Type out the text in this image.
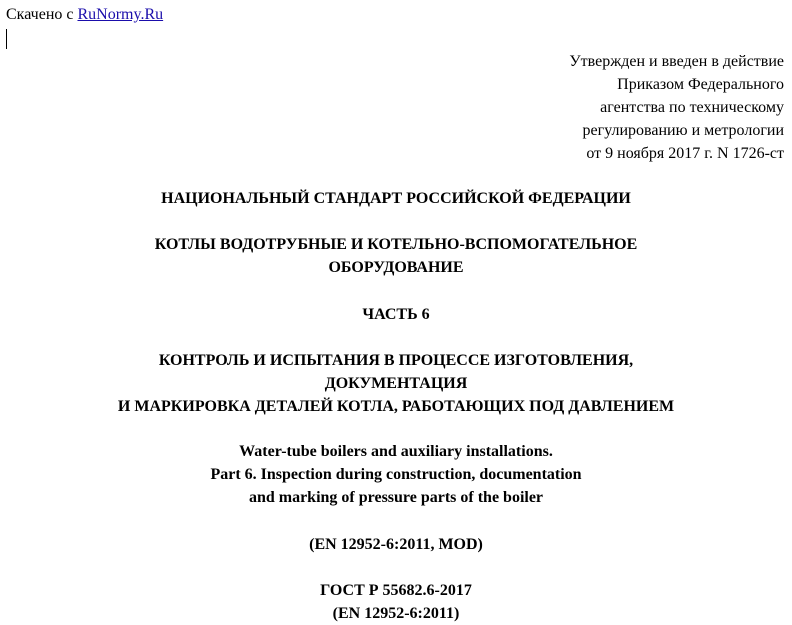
Скачено с RuNormy.Ru
Утвержден и введен в действие
Приказом Федерального
агентства по техническому
регулированию и метрологии
от 9 ноября 2017 г. N 1726-ст
НАЦИОНАЛЬНЫЙ СТАНДАРТ РОССИЙСКОЙ ФЕДЕРАЦИИ
КОТЛЫ ВОДОТРУБНЫЕ И КОТЕЛЬНО-ВСПОМОГАТЕЛЬНОЕ
ОБОРУДОВАНИЕ
ЧАСТЬ 6
КОНТРОЛЬ И ИСПЫТАНИЯ В ПРОЦЕССЕ ИЗГОТОВЛЕНИЯ,
ДОКУМЕНТАЦИЯ
И МАРКИРОВКА ДЕТАЛЕЙ КОТЛА, РАБОТАЮЩИХ ПОД ДАВЛЕНИЕМ
Water-tube boilers and auxiliary installations.
Part 6. Inspection during construction, documentation
and marking of pressure parts of the boiler
(EN 12952-6:2011, MOD)
ГОСТ Р 55682.6-2017
(EN 12952-6:2011)
